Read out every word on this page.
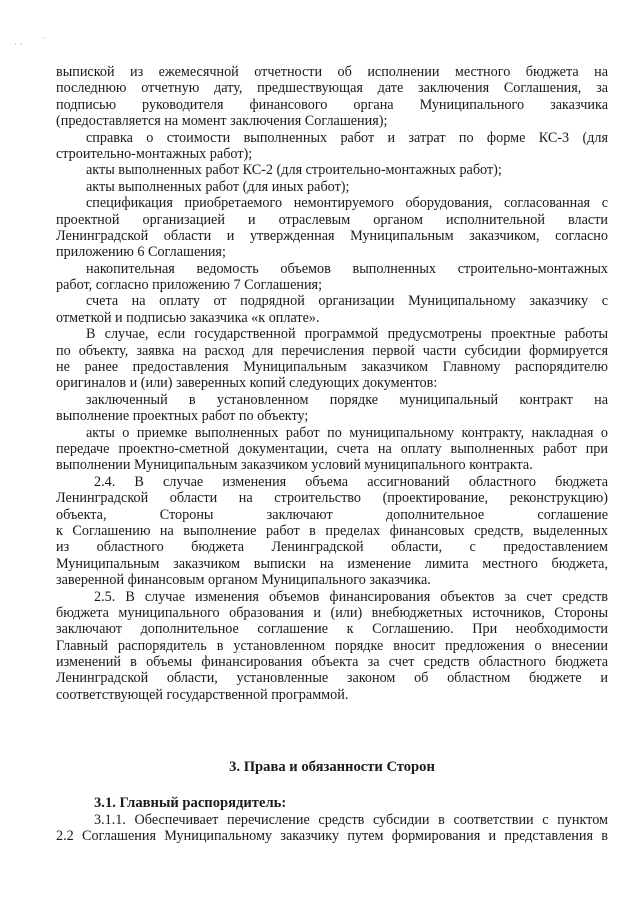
· ·
·
выпиской из ежемесячной отчетности об исполнении местного бюджета на
последнюю отчетную дату, предшествующая дате заключения Соглашения, за
подписью руководителя финансового органа Муниципального заказчика
(предоставляется на момент заключения Соглашения);
справка о стоимости выполненных работ и затрат по форме КС-3 (для
строительно-монтажных работ);
акты выполненных работ КС-2 (для строительно-монтажных работ);
акты выполненных работ (для иных работ);
спецификация приобретаемого немонтируемого оборудования, согласованная с
проектной организацией и отраслевым органом исполнительной власти
Ленинградской области и утвержденная Муниципальным заказчиком, согласно
приложению 6 Соглашения;
накопительная ведомость объемов выполненных строительно-монтажных
работ, согласно приложению 7 Соглашения;
счета на оплату от подрядной организации Муниципальному заказчику с
отметкой и подписью заказчика «к оплате».
В случае, если государственной программой предусмотрены проектные работы
по объекту, заявка на расход для перечисления первой части субсидии формируется
не ранее предоставления Муниципальным заказчиком Главному распорядителю
оригиналов и (или) заверенных копий следующих документов:
заключенный в установленном порядке муниципальный контракт на
выполнение проектных работ по объекту;
акты о приемке выполненных работ по муниципальному контракту, накладная о
передаче проектно-сметной документации, счета на оплату выполненных работ при
выполнении Муниципальным заказчиком условий муниципального контракта.
2.4. В случае изменения объема ассигнований областного бюджета
Ленинградской области на строительство (проектирование, реконструкцию)
объекта, Стороны заключают дополнительное соглашение
к Соглашению на выполнение работ в пределах финансовых средств, выделенных
из областного бюджета Ленинградской области, с предоставлением
Муниципальным заказчиком выписки на изменение лимита местного бюджета,
заверенной финансовым органом Муниципального заказчика.
2.5. В случае изменения объемов финансирования объектов за счет средств
бюджета муниципального образования и (или) внебюджетных источников, Стороны
заключают дополнительное соглашение к Соглашению. При необходимости
Главный распорядитель в установленном порядке вносит предложения о внесении
изменений в объемы финансирования объекта за счет средств областного бюджета
Ленинградской области, установленные законом об областном бюджете и
соответствующей государственной программой.
3. Права и обязанности Сторон
3.1. Главный распорядитель:
3.1.1. Обеспечивает перечисление средств субсидии в соответствии с пунктом
2.2 Соглашения Муниципальному заказчику путем формирования и представления в
